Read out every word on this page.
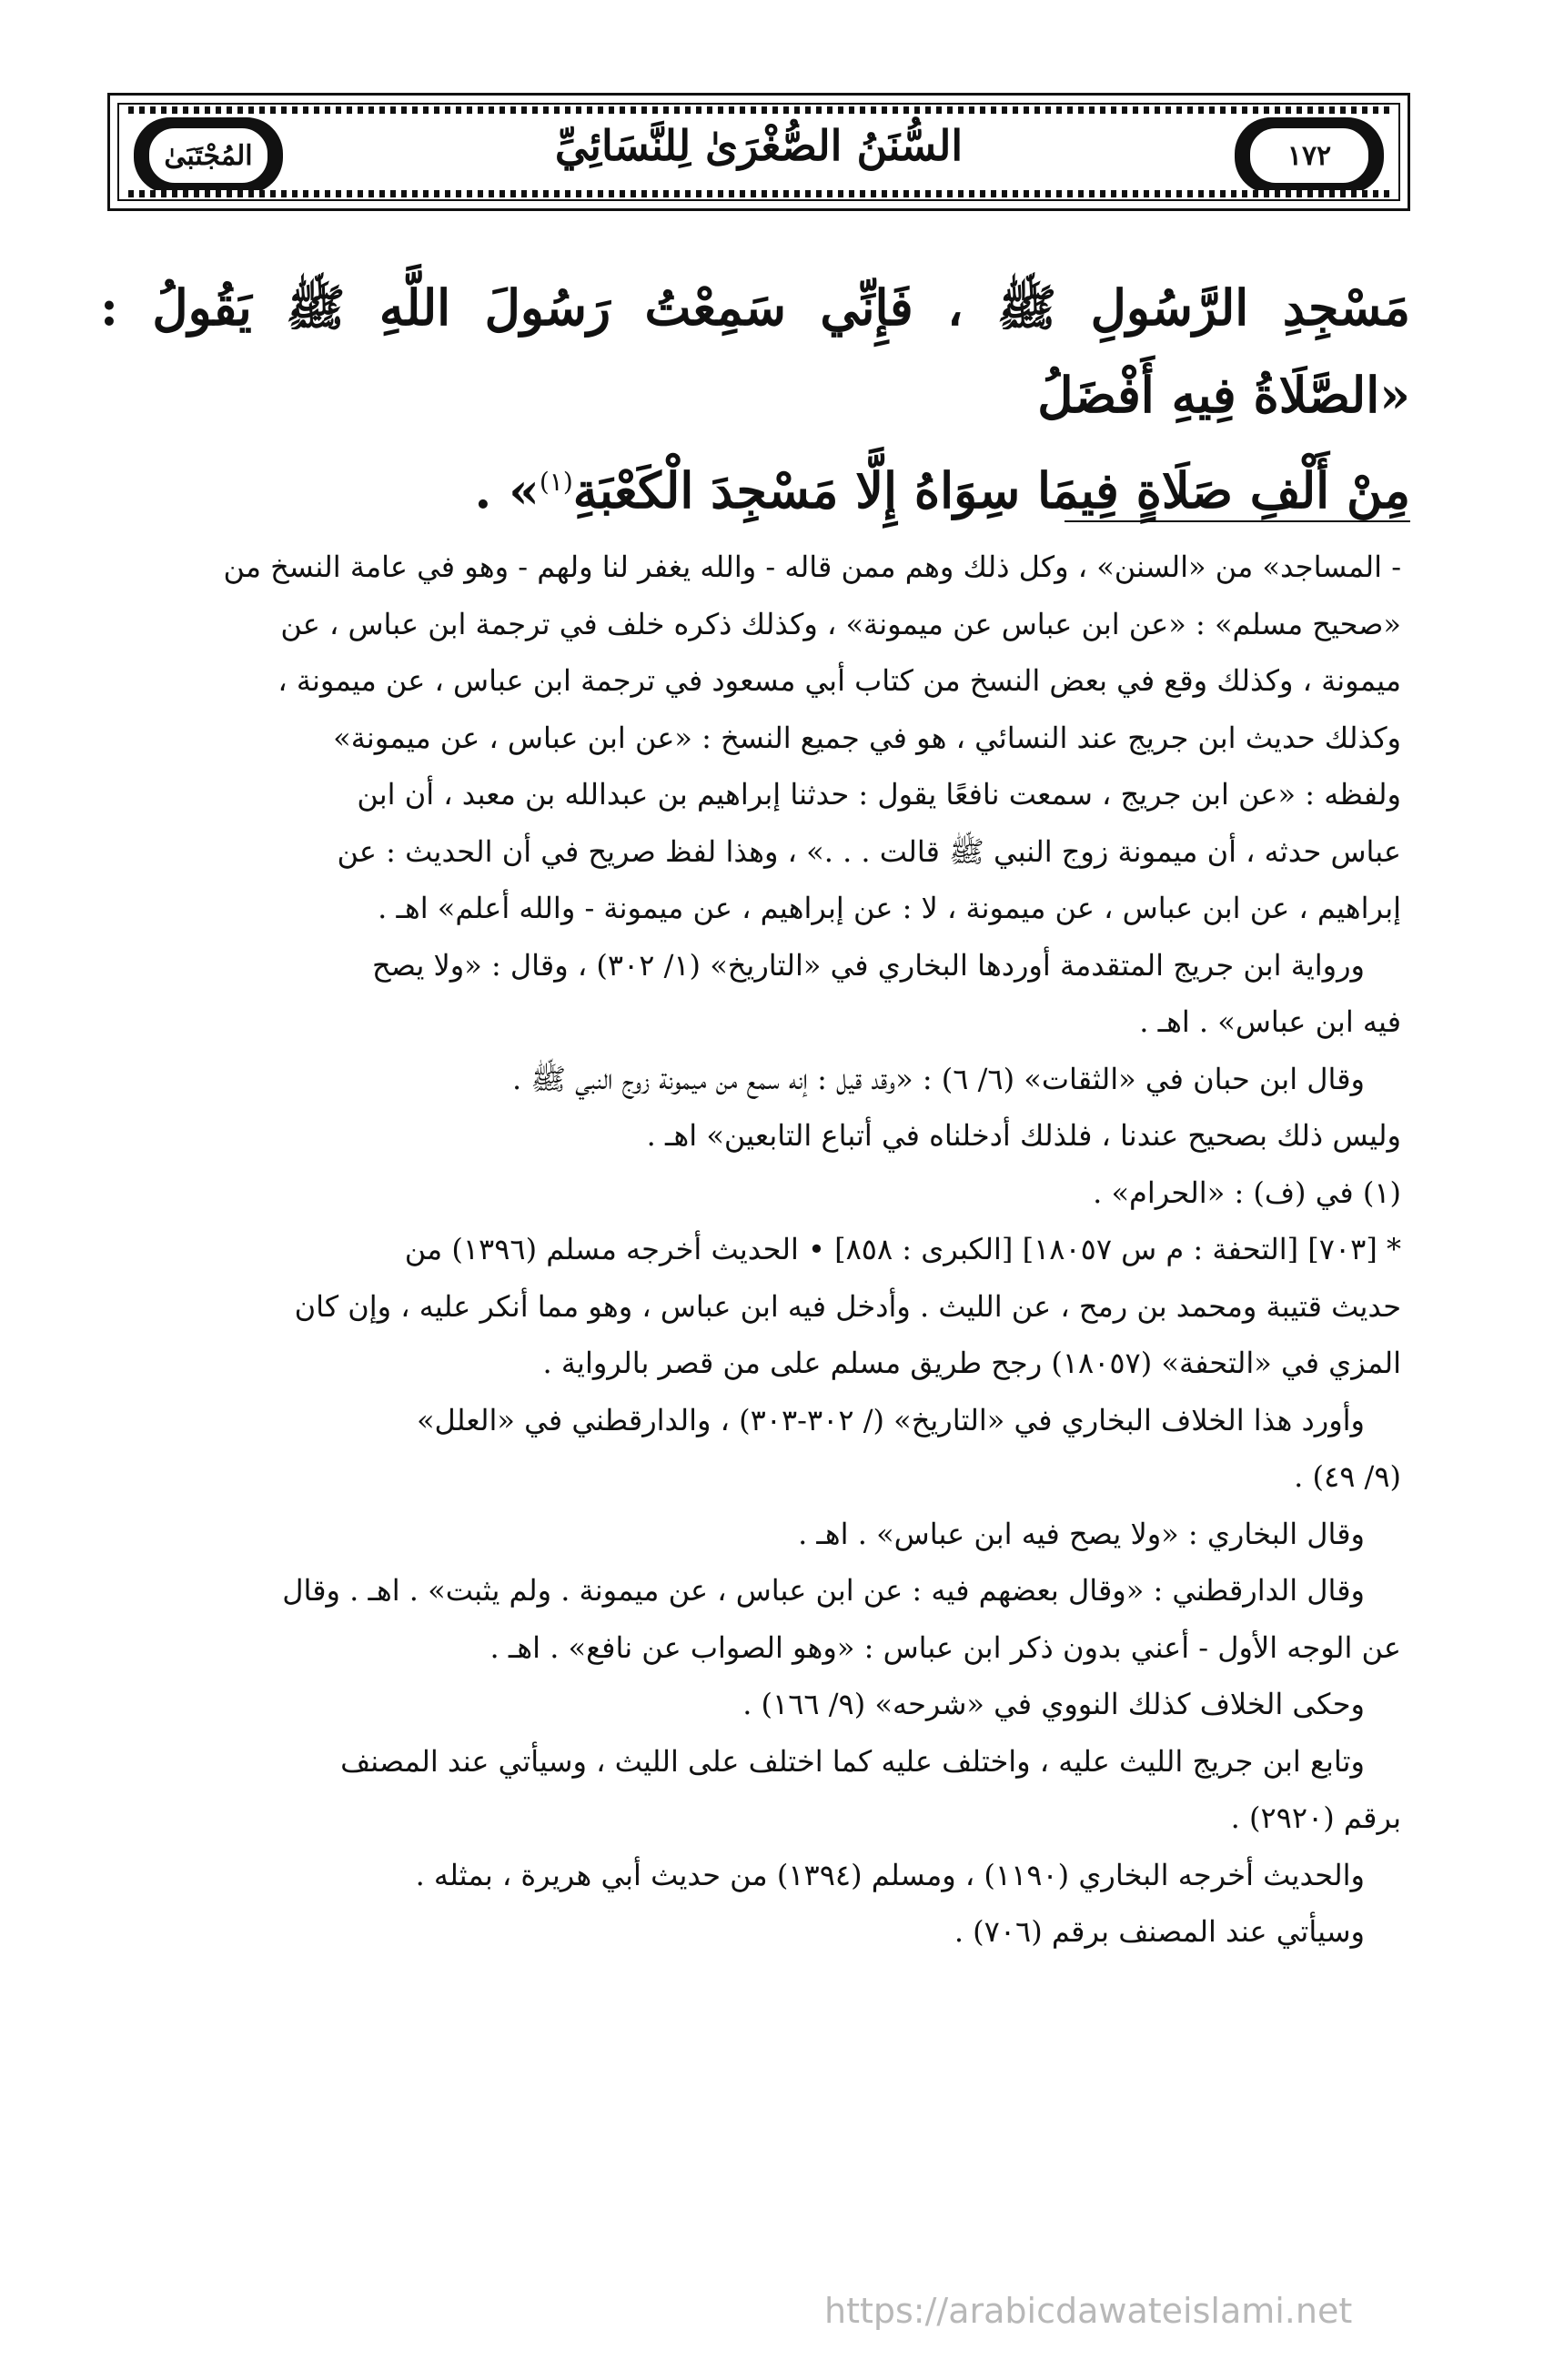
المُجْتَبَىٰ	السُّنَنُ الصُّغْرَىٰ لِلنَّسَائِيِّ	١٧٢
مَسْجِدِ الرَّسُولِ ﷺ ، فَإِنِّي سَمِعْتُ رَسُولَ اللَّهِ ﷺ يَقُولُ : «الصَّلَاةُ فِيهِ أَفْضَلُ
مِنْ أَلْفِ صَلَاةٍ فِيمَا سِوَاهُ إِلَّا مَسْجِدَ الْكَعْبَةِ$^{(١)}$» .

- المساجد» من «السنن» ، وكل ذلك وهم ممن قاله - والله يغفر لنا ولهم - وهو في عامة النسخ من

«صحيح مسلم» : «عن ابن عباس عن ميمونة» ، وكذلك ذكره خلف في ترجمة ابن عباس ، عن

ميمونة ، وكذلك وقع في بعض النسخ من كتاب أبي مسعود في ترجمة ابن عباس ، عن ميمونة ،

وكذلك حديث ابن جريج عند النسائي ، هو في جميع النسخ : «عن ابن عباس ، عن ميمونة»

ولفظه : «عن ابن جريج ، سمعت نافعًا يقول : حدثنا إبراهيم بن عبدالله بن معبد ، أن ابن

عباس حدثه ، أن ميمونة زوج النبي ﷺ قالت . . .» ، وهذا لفظ صريح في أن الحديث : عن

إبراهيم ، عن ابن عباس ، عن ميمونة ، لا : عن إبراهيم ، عن ميمونة - والله أعلم» اهـ .

ورواية ابن جريج المتقدمة أوردها البخاري في «التاريخ» (١/ ٣٠٢) ، وقال : «ولا يصح

فيه ابن عباس» . اهـ .

وقال ابن حبان في «الثقات» (٦/ ٦) : «وقد قيل : إنه سمع من ميمونة زوج النبي ﷺ .

وليس ذلك بصحيح عندنا ، فلذلك أدخلناه في أتباع التابعين» اهـ .

(١) في (ف) : «الحرام» .

* [٧٠٣] [التحفة : م س ١٨٠٥٧] [الكبرى : ٨٥٨] • الحديث أخرجه مسلم (١٣٩٦) من

حديث قتيبة ومحمد بن رمح ، عن الليث . وأدخل فيه ابن عباس ، وهو مما أنكر عليه ، وإن كان

المزي في «التحفة» (١٨٠٥٧) رجح طريق مسلم على من قصر بالرواية .

وأورد هذا الخلاف البخاري في «التاريخ» (/ ٣٠٢-٣٠٣) ، والدارقطني في «العلل»

(٩/ ٤٩) .

وقال البخاري : «ولا يصح فيه ابن عباس» . اهـ .

وقال الدارقطني : «وقال بعضهم فيه : عن ابن عباس ، عن ميمونة . ولم يثبت» . اهـ . وقال

عن الوجه الأول - أعني بدون ذكر ابن عباس : «وهو الصواب عن نافع» . اهـ .

وحكى الخلاف كذلك النووي في «شرحه» (٩/ ١٦٦) .

وتابع ابن جريج الليث عليه ، واختلف عليه كما اختلف على الليث ، وسيأتي عند المصنف

برقم (٢٩٢٠) .

والحديث أخرجه البخاري (١١٩٠) ، ومسلم (١٣٩٤) من حديث أبي هريرة ، بمثله .

وسيأتي عند المصنف برقم (٧٠٦) .

https://arabicdawateislami.net
